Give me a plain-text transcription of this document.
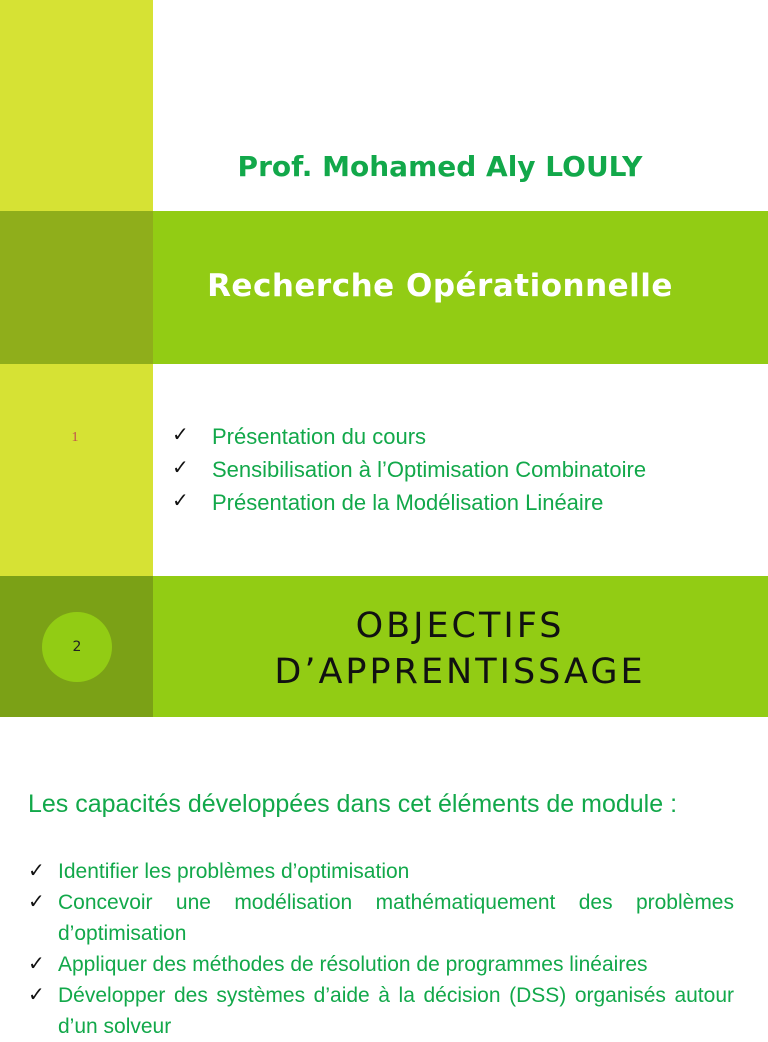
Prof. Mohamed Aly LOULY
Recherche Opérationnelle
1	✓	Présentation du cours
✓	Sensibilisation à l’Optimisation Combinatoire
✓	Présentation de la Modélisation Linéaire
2
OBJECTIFS
D’APPRENTISSAGE
Les capacités développées dans cet éléments de module :
✓ Identifier les problèmes d’optimisation
✓ Concevoir une modélisation mathématiquement des problèmes d’optimisation
✓ Appliquer des méthodes de résolution de programmes linéaires
✓ Développer des systèmes d’aide à la décision (DSS) organisés autour d’un solveur
